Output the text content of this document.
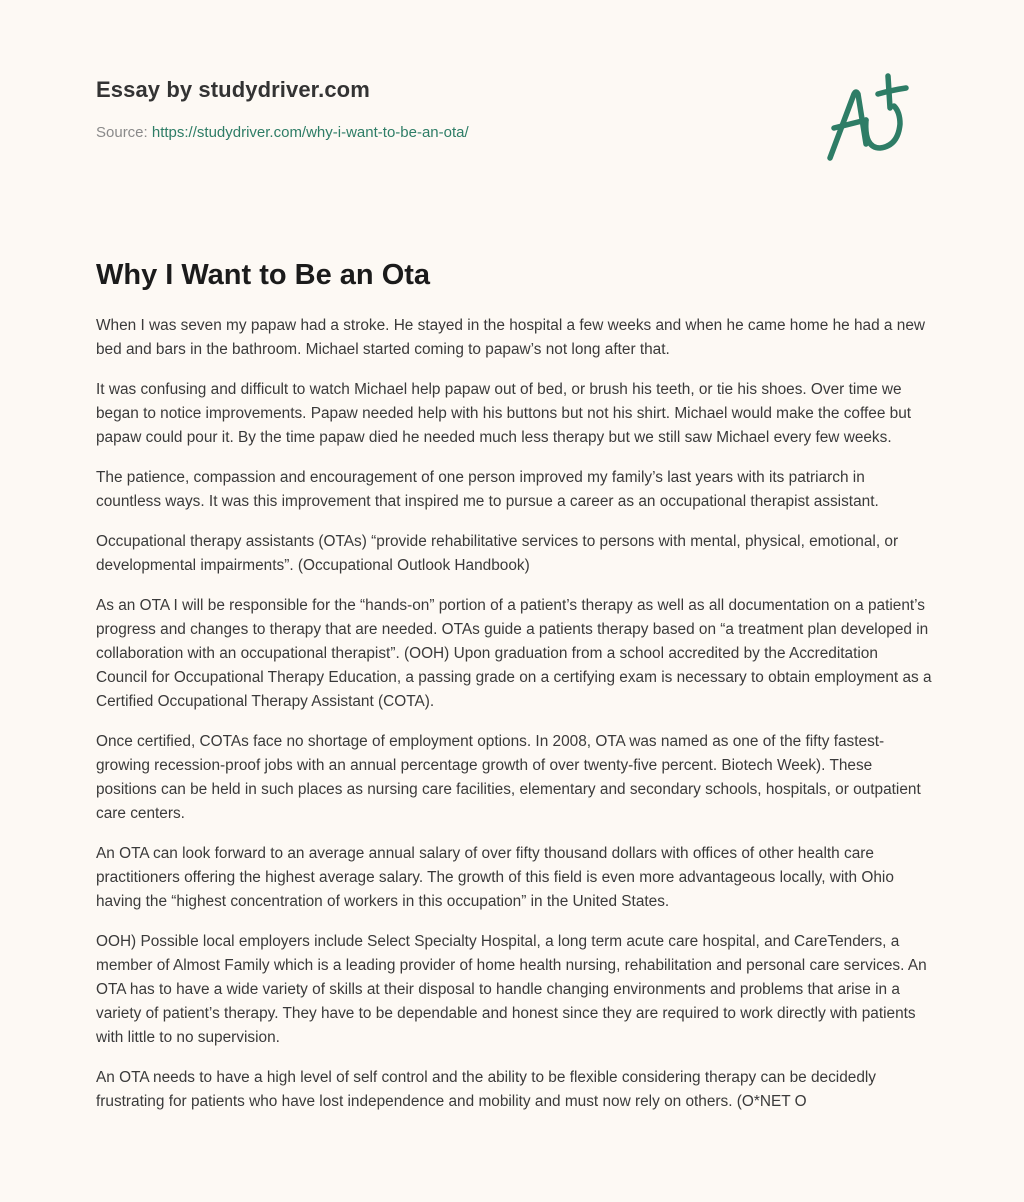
Essay by studydriver.com
Source: https://studydriver.com/why-i-want-to-be-an-ota/
Why I Want to Be an Ota

When I was seven my papaw had a stroke. He stayed in the hospital a few weeks and when he came home he had a new bed and bars in the bathroom. Michael started coming to papaw’s not long after that.

It was confusing and difficult to watch Michael help papaw out of bed, or brush his teeth, or tie his shoes. Over time we began to notice improvements. Papaw needed help with his buttons but not his shirt. Michael would make the coffee but papaw could pour it. By the time papaw died he needed much less therapy but we still saw Michael every few weeks.

The patience, compassion and encouragement of one person improved my family’s last years with its patriarch in countless ways. It was this improvement that inspired me to pursue a career as an occupational therapist assistant.

Occupational therapy assistants (OTAs) “provide rehabilitative services to persons with mental, physical, emotional, or developmental impairments”. (Occupational Outlook Handbook)

As an OTA I will be responsible for the “hands-on” portion of a patient’s therapy as well as all documentation on a patient’s progress and changes to therapy that are needed. OTAs guide a patients therapy based on “a treatment plan developed in collaboration with an occupational therapist”. (OOH) Upon graduation from a school accredited by the Accreditation Council for Occupational Therapy Education, a passing grade on a certifying exam is necessary to obtain employment as a Certified Occupational Therapy Assistant (COTA).

Once certified, COTAs face no shortage of employment options. In 2008, OTA was named as one of the fifty fastest-growing recession-proof jobs with an annual percentage growth of over twenty-five percent. Biotech Week). These positions can be held in such places as nursing care facilities, elementary and secondary schools, hospitals, or outpatient care centers.

An OTA can look forward to an average annual salary of over fifty thousand dollars with offices of other health care practitioners offering the highest average salary. The growth of this field is even more advantageous locally, with Ohio having the “highest concentration of workers in this occupation” in the United States.

OOH) Possible local employers include Select Specialty Hospital, a long term acute care hospital, and CareTenders, a member of Almost Family which is a leading provider of home health nursing, rehabilitation and personal care services. An OTA has to have a wide variety of skills at their disposal to handle changing environments and problems that arise in a variety of patient’s therapy. They have to be dependable and honest since they are required to work directly with patients with little to no supervision.

An OTA needs to have a high level of self control and the ability to be flexible considering therapy can be decidedly frustrating for patients who have lost independence and mobility and must now rely on others. (O*NET O
